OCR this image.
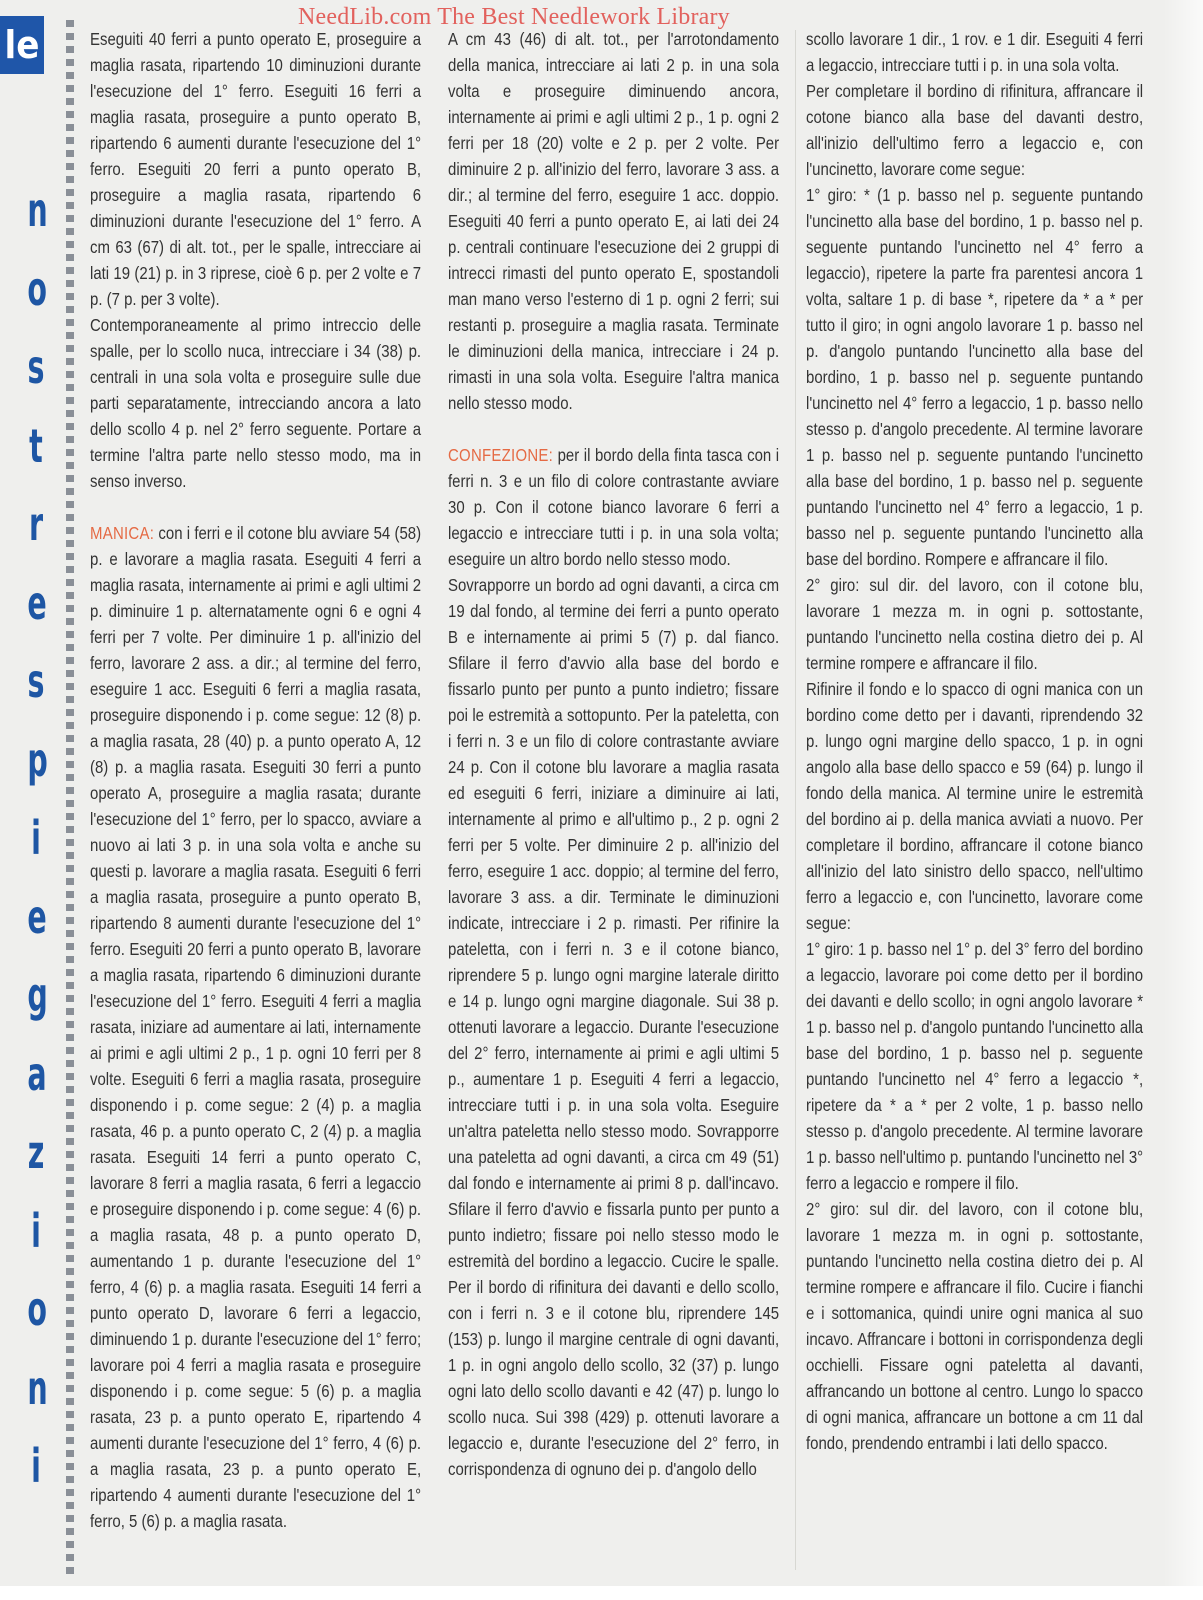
NeedLib.com The Best Needlework Library
le
n
o
s
t
r
e
s
p
i
e
g
a
z
i
o
n
i

Eseguiti 40 ferri a punto operato E, proseguire a maglia rasata, ripartendo 10 diminuzioni durante l'esecuzione del 1° ferro. Eseguiti 16 ferri a maglia rasata, proseguire a punto operato B, ripartendo 6 aumenti durante l'esecuzione del 1° ferro. Eseguiti 20 ferri a punto operato B, proseguire a maglia rasata, ripartendo 6 diminuzioni durante l'esecuzione del 1° ferro. A cm 63 (67) di alt. tot., per le spalle, intrecciare ai lati 19 (21) p. in 3 riprese, cioè 6 p. per 2 volte e 7 p. (7 p. per 3 volte).

Contemporaneamente al primo intreccio delle spalle, per lo scollo nuca, intrecciare i 34 (38) p. centrali in una sola volta e proseguire sulle due parti separatamente, intrecciando ancora a lato dello scollo 4 p. nel 2° ferro seguente. Portare a termine l'altra parte nello stesso modo, ma in senso inverso.

MANICA: con i ferri e il cotone blu avviare 54 (58) p. e lavorare a maglia rasata. Eseguiti 4 ferri a maglia rasata, internamente ai primi e agli ultimi 2 p. diminuire 1 p. alternatamente ogni 6 e ogni 4 ferri per 7 volte. Per diminuire 1 p. all'inizio del ferro, lavorare 2 ass. a dir.; al termine del ferro, eseguire 1 acc. Eseguiti 6 ferri a maglia rasata, proseguire disponendo i p. come segue: 12 (8) p. a maglia rasata, 28 (40) p. a punto operato A, 12 (8) p. a maglia rasata. Eseguiti 30 ferri a punto operato A, proseguire a maglia rasata; durante l'esecuzione del 1° ferro, per lo spacco, avviare a nuovo ai lati 3 p. in una sola volta e anche su questi p. lavorare a maglia rasata. Eseguiti 6 ferri a maglia rasata, proseguire a punto operato B, ripartendo 8 aumenti durante l'esecuzione del 1° ferro. Eseguiti 20 ferri a punto operato B, lavorare a maglia rasata, ripartendo 6 diminuzioni durante l'esecuzione del 1° ferro. Eseguiti 4 ferri a maglia rasata, iniziare ad aumentare ai lati, internamente ai primi e agli ultimi 2 p., 1 p. ogni 10 ferri per 8 volte. Eseguiti 6 ferri a maglia rasata, proseguire disponendo i p. come segue: 2 (4) p. a maglia rasata, 46 p. a punto operato C, 2 (4) p. a maglia rasata. Eseguiti 14 ferri a punto operato C, lavorare 8 ferri a maglia rasata, 6 ferri a legaccio e proseguire disponendo i p. come segue: 4 (6) p. a maglia rasata, 48 p. a punto operato D, aumentando 1 p. durante l'esecuzione del 1° ferro, 4 (6) p. a maglia rasata. Eseguiti 14 ferri a punto operato D, lavorare 6 ferri a legaccio, diminuendo 1 p. durante l'esecuzione del 1° ferro; lavorare poi 4 ferri a maglia rasata e proseguire disponendo i p. come segue: 5 (6) p. a maglia rasata, 23 p. a punto operato E, ripartendo 4 aumenti durante l'esecuzione del 1° ferro, 4 (6) p. a maglia rasata, 23 p. a punto operato E, ripartendo 4 aumenti durante l'esecuzione del 1° ferro, 5 (6) p. a maglia rasata.

A cm 43 (46) di alt. tot., per l'arrotondamento della manica, intrecciare ai lati 2 p. in una sola volta e proseguire diminuendo ancora, internamente ai primi e agli ultimi 2 p., 1 p. ogni 2 ferri per 18 (20) volte e 2 p. per 2 volte. Per diminuire 2 p. all'inizio del ferro, lavorare 3 ass. a dir.; al termine del ferro, eseguire 1 acc. doppio. Eseguiti 40 ferri a punto operato E, ai lati dei 24 p. centrali continuare l'esecuzione dei 2 gruppi di intrecci rimasti del punto operato E, spostandoli man mano verso l'esterno di 1 p. ogni 2 ferri; sui restanti p. proseguire a maglia rasata. Terminate le diminuzioni della manica, intrecciare i 24 p. rimasti in una sola volta. Eseguire l'altra manica nello stesso modo.

CONFEZIONE: per il bordo della finta tasca con i ferri n. 3 e un filo di colore contrastante avviare 30 p. Con il cotone bianco lavorare 6 ferri a legaccio e intrecciare tutti i p. in una sola volta; eseguire un altro bordo nello stesso modo.

Sovrapporre un bordo ad ogni davanti, a circa cm 19 dal fondo, al termine dei ferri a punto operato B e internamente ai primi 5 (7) p. dal fianco. Sfilare il ferro d'avvio alla base del bordo e fissarlo punto per punto a punto indietro; fissare poi le estremità a sottopunto. Per la pateletta, con i ferri n. 3 e un filo di colore contrastante avviare 24 p. Con il cotone blu lavorare a maglia rasata ed eseguiti 6 ferri, iniziare a diminuire ai lati, internamente al primo e all'ultimo p., 2 p. ogni 2 ferri per 5 volte. Per diminuire 2 p. all'inizio del ferro, eseguire 1 acc. doppio; al termine del ferro, lavorare 3 ass. a dir. Terminate le diminuzioni indicate, intrecciare i 2 p. rimasti. Per rifinire la pateletta, con i ferri n. 3 e il cotone bianco, riprendere 5 p. lungo ogni margine laterale diritto e 14 p. lungo ogni margine diagonale. Sui 38 p. ottenuti lavorare a legaccio. Durante l'esecuzione del 2° ferro, internamente ai primi e agli ultimi 5 p., aumentare 1 p. Eseguiti 4 ferri a legaccio, intrecciare tutti i p. in una sola volta. Eseguire un'altra pateletta nello stesso modo. Sovrapporre una pateletta ad ogni davanti, a circa cm 49 (51) dal fondo e internamente ai primi 8 p. dall'incavo. Sfilare il ferro d'avvio e fissarla punto per punto a punto indietro; fissare poi nello stesso modo le estremità del bordino a legaccio. Cucire le spalle. Per il bordo di rifinitura dei davanti e dello scollo, con i ferri n. 3 e il cotone blu, riprendere 145 (153) p. lungo il margine centrale di ogni davanti, 1 p. in ogni angolo dello scollo, 32 (37) p. lungo ogni lato dello scollo davanti e 42 (47) p. lungo lo scollo nuca. Sui 398 (429) p. ottenuti lavorare a legaccio e, durante l'esecuzione del 2° ferro, in corrispondenza di ognuno dei p. d'angolo dello

scollo lavorare 1 dir., 1 rov. e 1 dir. Eseguiti 4 ferri a legaccio, intrecciare tutti i p. in una sola volta.

Per completare il bordino di rifinitura, affrancare il cotone bianco alla base del davanti destro, all'inizio dell'ultimo ferro a legaccio e, con l'uncinetto, lavorare come segue:

1° giro: * (1 p. basso nel p. seguente puntando l'uncinetto alla base del bordino, 1 p. basso nel p. seguente puntando l'uncinetto nel 4° ferro a legaccio), ripetere la parte fra parentesi ancora 1 volta, saltare 1 p. di base *, ripetere da * a * per tutto il giro; in ogni angolo lavorare 1 p. basso nel p. d'angolo puntando l'uncinetto alla base del bordino, 1 p. basso nel p. seguente puntando l'uncinetto nel 4° ferro a legaccio, 1 p. basso nello stesso p. d'angolo precedente. Al termine lavorare 1 p. basso nel p. seguente puntando l'uncinetto alla base del bordino, 1 p. basso nel p. seguente puntando l'uncinetto nel 4° ferro a legaccio, 1 p. basso nel p. seguente puntando l'uncinetto alla base del bordino. Rompere e affrancare il filo.

2° giro: sul dir. del lavoro, con il cotone blu, lavorare 1 mezza m. in ogni p. sottostante, puntando l'uncinetto nella costina dietro dei p. Al termine rompere e affrancare il filo.

Rifinire il fondo e lo spacco di ogni manica con un bordino come detto per i davanti, riprendendo 32 p. lungo ogni margine dello spacco, 1 p. in ogni angolo alla base dello spacco e 59 (64) p. lungo il fondo della manica. Al termine unire le estremità del bordino ai p. della manica avviati a nuovo. Per completare il bordino, affrancare il cotone bianco all'inizio del lato sinistro dello spacco, nell'ultimo ferro a legaccio e, con l'uncinetto, lavorare come segue:

1° giro: 1 p. basso nel 1° p. del 3° ferro del bordino a legaccio, lavorare poi come detto per il bordino dei davanti e dello scollo; in ogni angolo lavorare * 1 p. basso nel p. d'angolo puntando l'uncinetto alla base del bordino, 1 p. basso nel p. seguente puntando l'uncinetto nel 4° ferro a legaccio *, ripetere da * a * per 2 volte, 1 p. basso nello stesso p. d'angolo precedente. Al termine lavorare 1 p. basso nell'ultimo p. puntando l'uncinetto nel 3° ferro a legaccio e rompere il filo.

2° giro: sul dir. del lavoro, con il cotone blu, lavorare 1 mezza m. in ogni p. sottostante, puntando l'uncinetto nella costina dietro dei p. Al termine rompere e affrancare il filo. Cucire i fianchi e i sottomanica, quindi unire ogni manica al suo incavo. Affrancare i bottoni in corrispondenza degli occhielli. Fissare ogni pateletta al davanti, affrancando un bottone al centro. Lungo lo spacco di ogni manica, affrancare un bottone a cm 11 dal fondo, prendendo entrambi i lati dello spacco.
